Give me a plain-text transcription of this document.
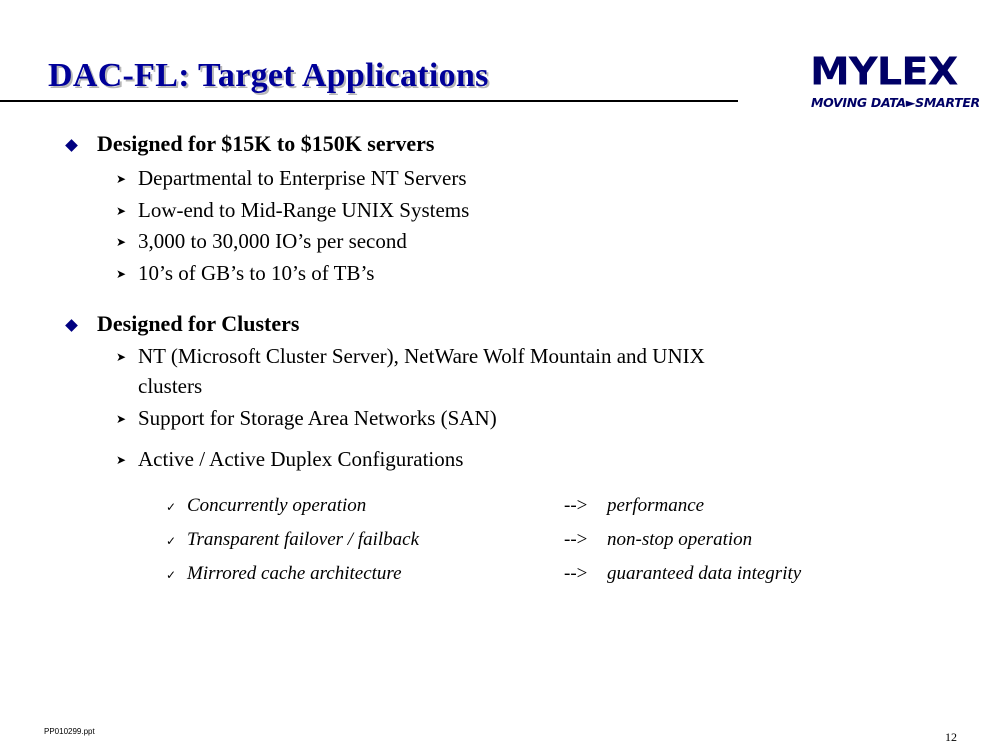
DAC-FL: Target Applications	MYLEX
MOVING DATA►SMARTER
Designed for $15K to $150K servers
➤ Departmental to Enterprise NT Servers
➤ Low-end to Mid-Range UNIX Systems
➤ 3,000 to 30,000 IO’s per second
➤ 10’s of GB’s to 10’s of TB’s
Designed for Clusters
➤ NT (Microsoft Cluster Server), NetWare Wolf Mountain and UNIX
clusters
➤ Support for Storage Area Networks (SAN)
➤ Active / Active Duplex Configurations
✓ Concurrently operation	--> performance
✓ Transparent failover / failback	--> non-stop operation
✓ Mirrored cache architecture	--> guaranteed data integrity
PP010299.ppt	12
